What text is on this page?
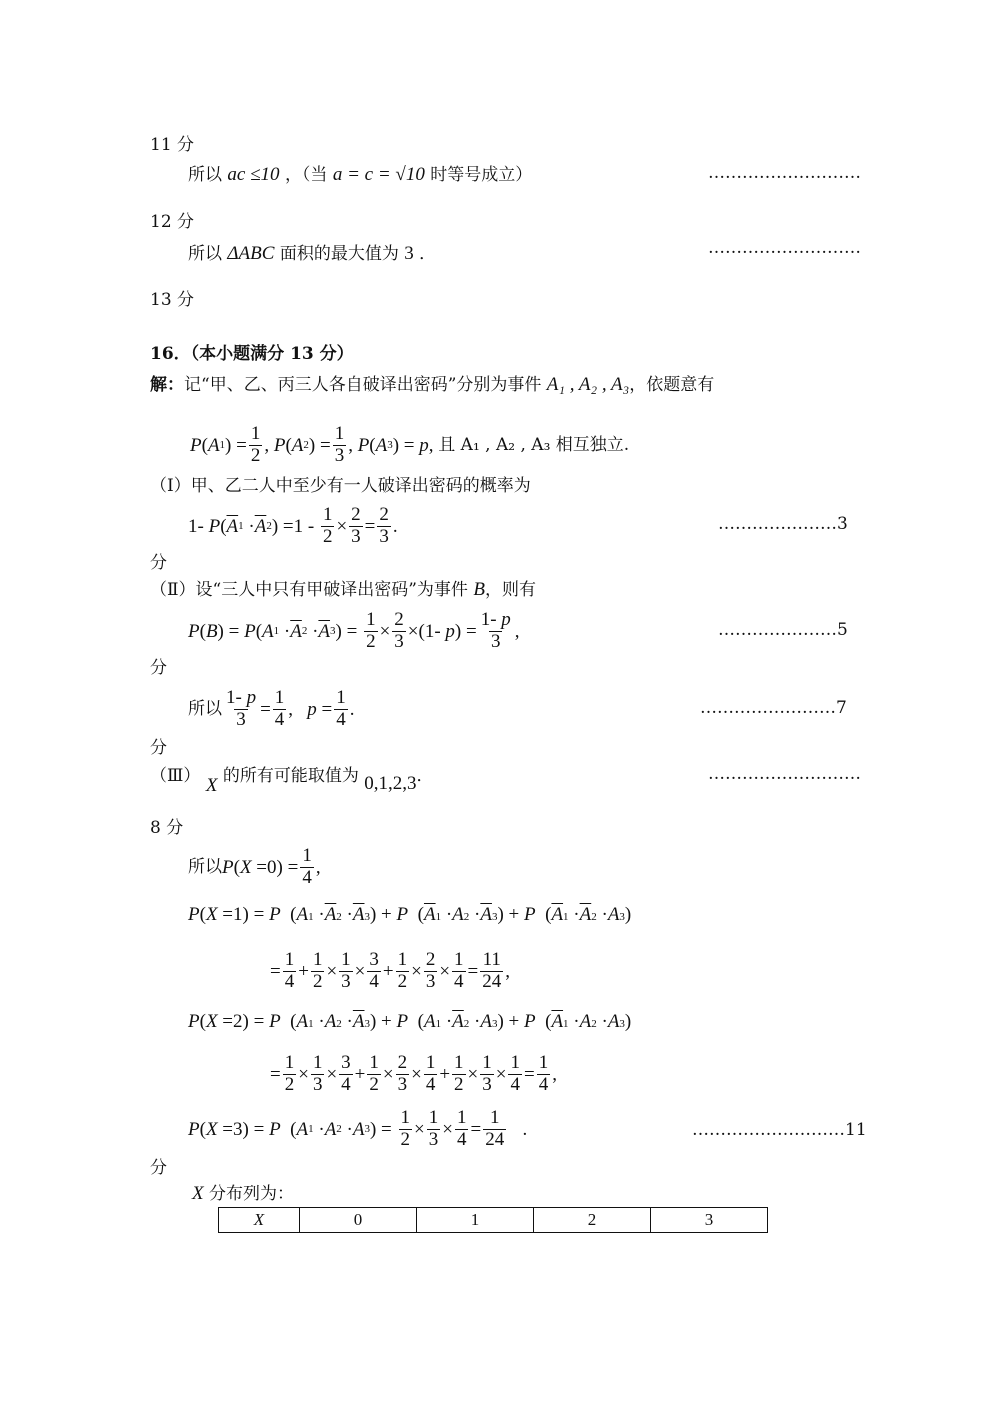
11 分
12 分
13 分
所以 ac ≤10 ，（当 a = c = √10 时等号成立）	………………………
所以 ΔABC 面积的最大值为 3 ．	………………………
16．（本小题满分 13 分）
解：记“甲、乙、丙三人各自破译出密码”分别为事件 A₁ , A₂ , A₃，依题意有
P ( A 1 ) = $\frac{1}{2}$ , P ( A 2 ) = $\frac{1}{3}$ , P ( A 3 ) = p , 且 A₁ , A₂ , A₃ 相互独立.
（Ⅰ）甲、乙二人中至少有一人破译出密码的概率为
1- P ( $\overline{A}$ $1 \cdot \overline{A}$ 2 ) $=1 - \frac{1}{2} \times \frac{2}{3} = \frac{2}{3}$ .	…………………3
分
（Ⅱ）设“三人中只有甲破译出密码”为事件 B，则有
P ( B ) = P ( A $1 \cdot \overline{A}$ $2 \cdot \overline{A}$ 3 ) = $\frac{1}{2} \times \frac{2}{3} \times(1-$ p ) = $\frac{1- p}{3}$ ,	…………………5
分
所以 $\frac{1- p}{3} = \frac{1}{4}$ , $p = \frac{1}{4}$ .	……………………7
分
（Ⅲ） X 的所有可能取值为 0,1,2,3．	………………………
8 分
所以 P ( $X =0) = \frac{1}{4}$ ,
P(X =1) = P  $(A1 \cdot\overline{A}2 \cdot\overline{A}3) + P$  $(\overline{A}1 \cdot A2 \cdot\overline{A}3) + P$  $(\overline{A}1 \cdot\overline{A}2 \cdot A3)$
= $\frac{1}{4} + \frac{1}{2} \times \frac{1}{3} \times \frac{3}{4} + \frac{1}{2} \times \frac{2}{3} \times \frac{1}{4} = \frac{11}{24}$ ,
P(X =2) = P  $(A1 \cdot A2 \cdot\overline{A}3) + P$  $(A1 \cdot\overline{A}2 \cdot A3) + P$  $(\overline{A}1 \cdot A2 \cdot A3)$
= $\frac{1}{2} \times \frac{1}{3} \times \frac{3}{4} + \frac{1}{2} \times \frac{2}{3} \times \frac{1}{4} + \frac{1}{2} \times \frac{1}{3} \times \frac{1}{4} = \frac{1}{4}$ ,
P ( X =3) = P ( A 1 · A 2 · A 3 ) = $\frac{1}{2} \times \frac{1}{3} \times \frac{1}{4} = \frac{1}{24}$ .	………………………11
分
X 分布列为：
X	0	1	2	3
